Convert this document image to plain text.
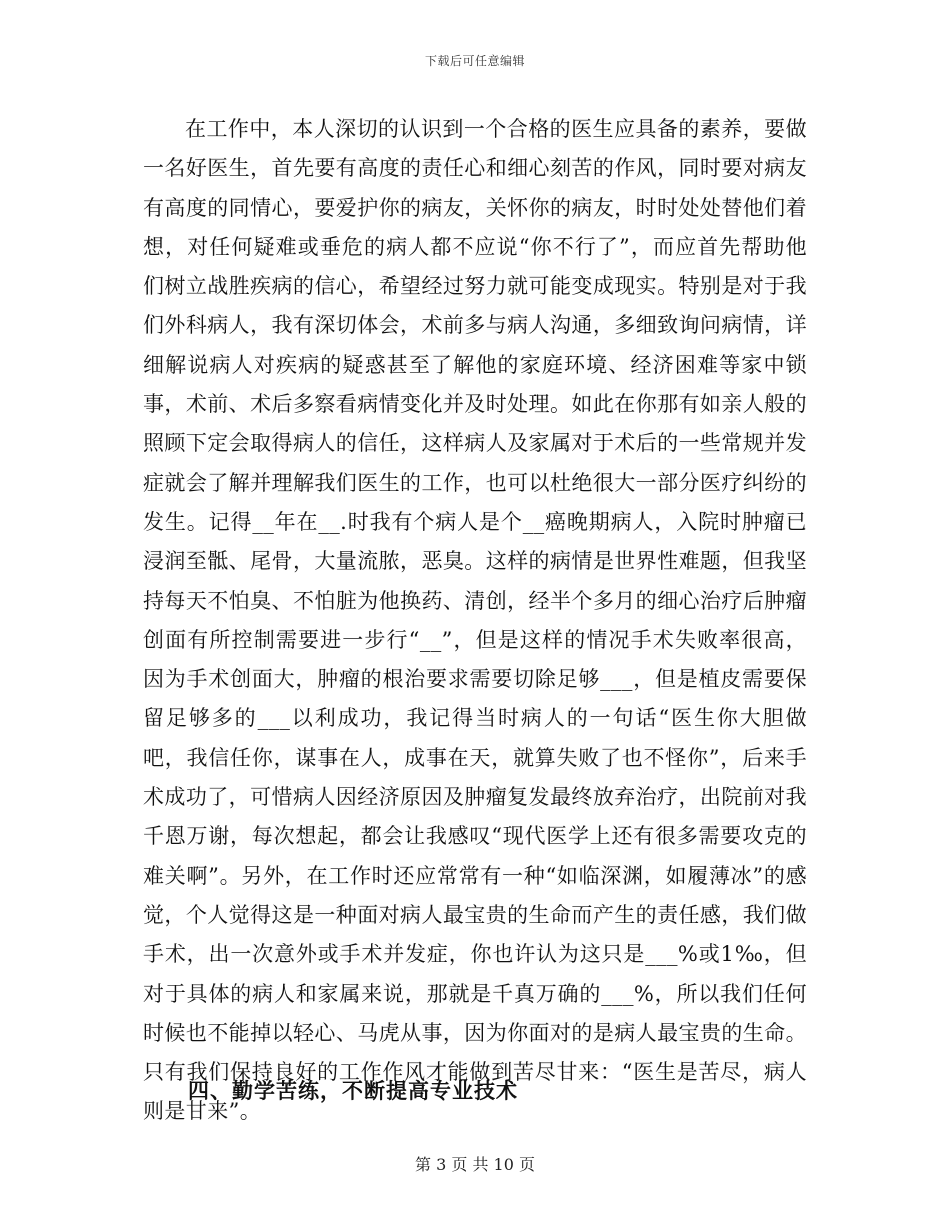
下载后可任意编辑

在工作中，本人深切的认识到一个合格的医生应具备的素养，要做一名好医生，首先要有高度的责任心和细心刻苦的作风，同时要对病友有高度的同情心，要爱护你的病友，关怀你的病友，时时处处替他们着想，对任何疑难或垂危的病人都不应说“你不行了”，而应首先帮助他们树立战胜疾病的信心，希望经过努力就可能变成现实。特别是对于我们外科病人，我有深切体会，术前多与病人沟通，多细致询问病情，详细解说病人对疾病的疑惑甚至了解他的家庭环境、经济困难等家中锁事，术前、术后多察看病情变化并及时处理。如此在你那有如亲人般的照顾下定会取得病人的信任，这样病人及家属对于术后的一些常规并发症就会了解并理解我们医生的工作，也可以杜绝很大一部分医疗纠纷的发生。记得__年在__.时我有个病人是个__癌晚期病人，入院时肿瘤已浸润至骶、尾骨，大量流脓，恶臭。这样的病情是世界性难题，但我坚持每天不怕臭、不怕脏为他换药、清创，经半个多月的细心治疗后肿瘤创面有所控制需要进一步行“__”，但是这样的情况手术失败率很高，因为手术创面大，肿瘤的根治要求需要切除足够___，但是植皮需要保留足够多的___以利成功，我记得当时病人的一句话“医生你大胆做吧，我信任你，谋事在人，成事在天，就算失败了也不怪你”，后来手术成功了，可惜病人因经济原因及肿瘤复发最终放弃治疗，出院前对我千恩万谢，每次想起，都会让我感叹“现代医学上还有很多需要攻克的难关啊”。另外，在工作时还应常常有一种“如临深渊，如履薄冰”的感觉，个人觉得这是一种面对病人最宝贵的生命而产生的责任感，我们做手术，出一次意外或手术并发症，你也许认为这只是___%或1‰，但对于具体的病人和家属来说，那就是千真万确的___%，所以我们任何时候也不能掉以轻心、马虎从事，因为你面对的是病人最宝贵的生命。只有我们保持良好的工作作风才能做到苦尽甘来：“医生是苦尽，病人则是甘来”。

四、勤学苦练，不断提高专业技术
第 3 页 共 10 页
